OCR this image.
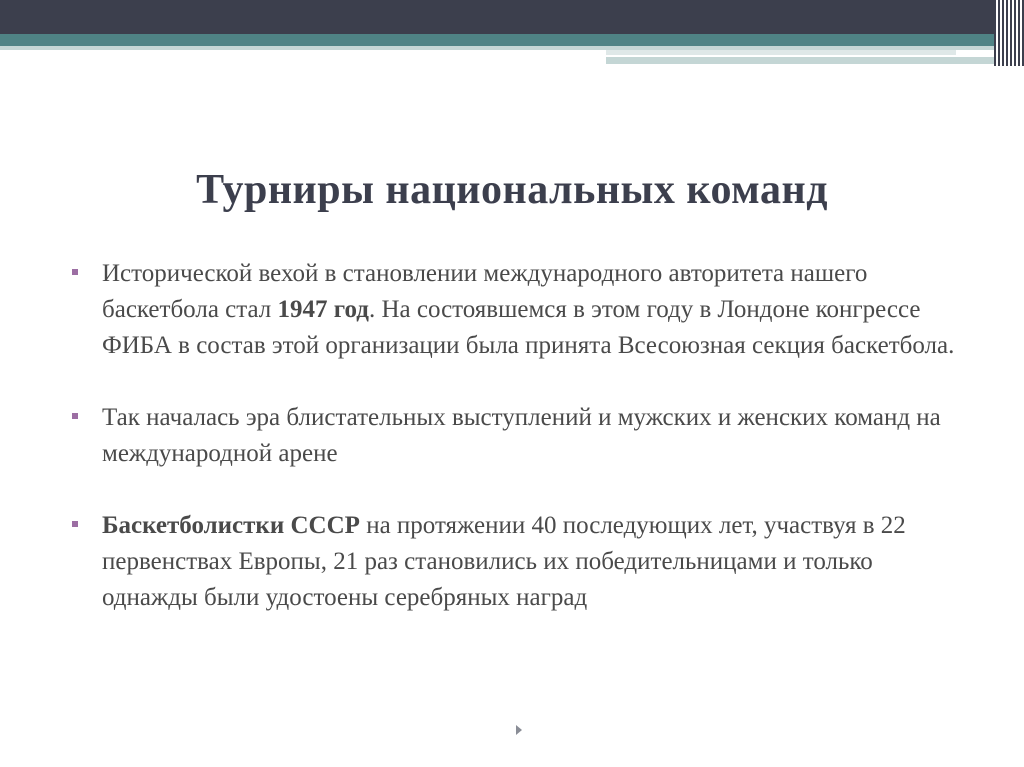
Турниры национальных команд
Исторической вехой в становлении международного авторитета нашего баскетбола стал 1947 год. На состоявшемся в этом году в Лондоне конгрессе ФИБА в состав этой организации была принята Всесоюзная секция баскетбола.
Так началась эра блистательных выступлений и мужских и женских команд на международной арене
Баскетболистки СССР на протяжении 40 последующих лет, участвуя в 22 первенствах Европы, 21 раз становились их победительницами и только однажды были удостоены серебряных наград
